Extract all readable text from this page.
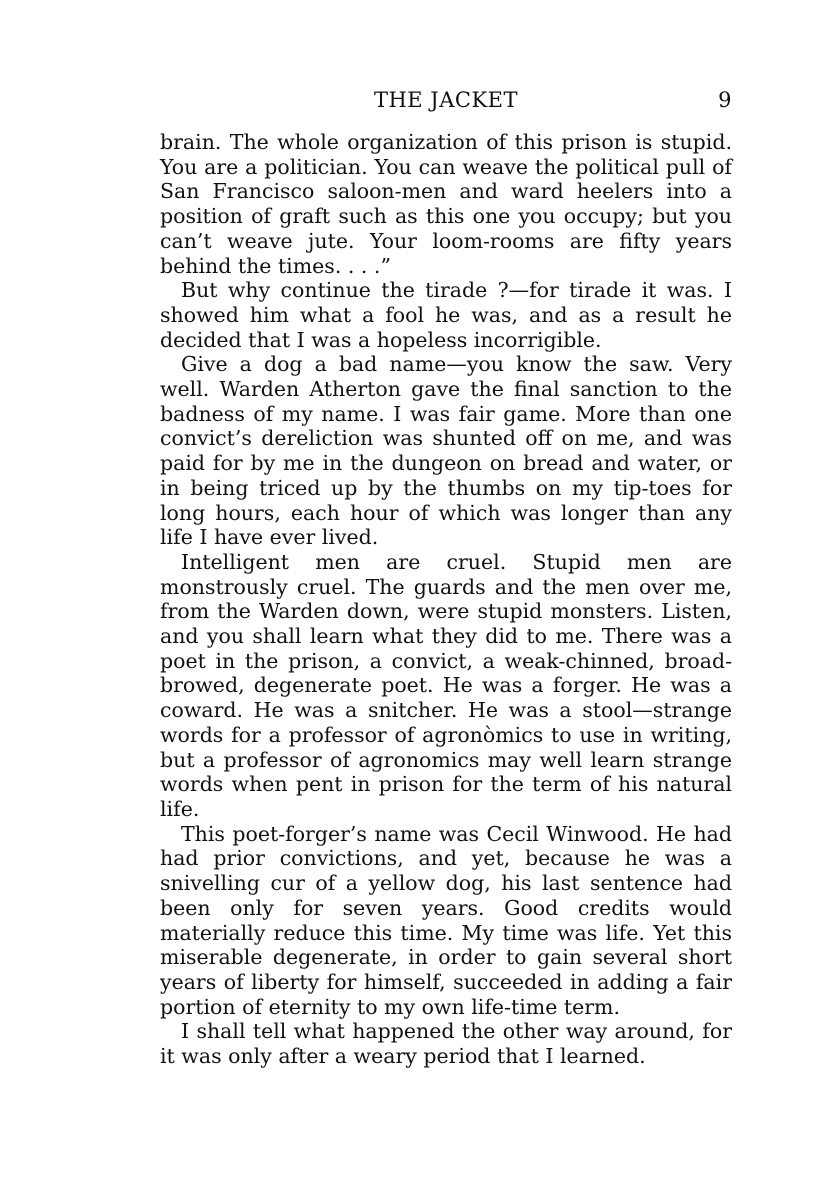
THE JACKET	9

brain. The whole organization of this prison is stupid. You are a politician. You can weave the political pull of San Francisco saloon-men and ward heelers into a position of graft such as this one you occupy; but you can’t weave jute. Your loom-rooms are fifty years behind the times. . . .”

But why continue the tirade ?—for tirade it was. I showed him what a fool he was, and as a result he decided that I was a hopeless incorrigible.

Give a dog a bad name—you know the saw. Very well. Warden Atherton gave the final sanction to the badness of my name. I was fair game. More than one convict’s dereliction was shunted off on me, and was paid for by me in the dungeon on bread and water, or in being triced up by the thumbs on my tip-toes for long hours, each hour of which was longer than any life I have ever lived.

Intelligent men are cruel. Stupid men are monstrously cruel. The guards and the men over me, from the Warden down, were stupid monsters. Listen, and you shall learn what they did to me. There was a poet in the prison, a convict, a weak-chinned, broad-browed, degenerate poet. He was a forger. He was a coward. He was a snitcher. He was a stool—strange words for a professor of agronòmics to use in writing, but a professor of agronomics may well learn strange words when pent in prison for the term of his natural life.

This poet-forger’s name was Cecil Winwood. He had had prior convictions, and yet, because he was a snivelling cur of a yellow dog, his last sentence had been only for seven years. Good credits would materially reduce this time. My time was life. Yet this miserable degenerate, in order to gain several short years of liberty for himself, succeeded in adding a fair portion of eternity to my own life-time term.

I shall tell what happened the other way around, for it was only after a weary period that I learned.
